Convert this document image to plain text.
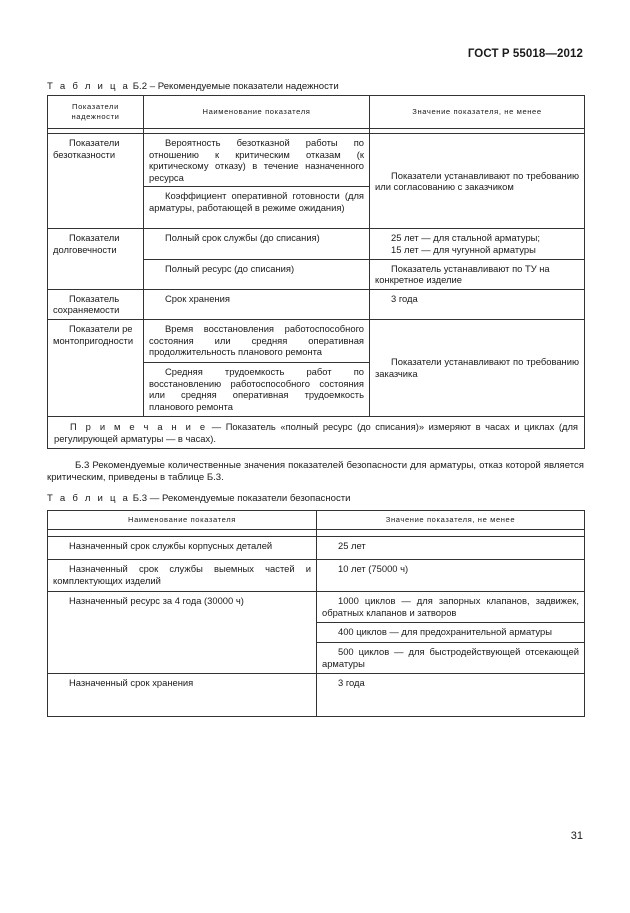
ГОСТ Р 55018—2012
Т а б л и ц а Б.2 – Рекомендуемые показатели надежности
Показатели надежности	Наименование показателя	Значение показателя, не менее

Показатели безотказности	Вероятность безотказной работы по отношению к критическим отказам (к критическому отказу) в течение назначенного ресурса	Показатели устанавливают по требованию или согласованию с заказчиком
	Коэффициент оперативной готовности (для арматуры, работающей в режиме ожидания)	
Показатели долговечности	Полный срок службы (до списания)	25 лет — для стальной арматуры;
15 лет — для чугунной арматуры

	Полный ресурс (до списания)	Показатель устанавливают по ТУ на конкретное изделие
Показатель сохраняемости	Срок хранения	3 года
Показатели ремонтопригодности	Время восстановления работоспособного состояния или средняя оперативная продолжительность планового ремонта	Показатели устанавливают по требованию заказчика
	Средняя трудоемкость работ по восстановлению работоспособного состояния или средняя оперативная трудоемкость планового ремонта	
П р и м е ч а н и е — Показатель «полный ресурс (до списания)» измеряют в часах и циклах (для регулирующей арматуры — в часах).		
Б.3 Рекомендуемые количественные значения показателей безопасности для арматуры, отказ которой является критическим, приведены в таблице Б.3.
Т а б л и ц а Б.3 — Рекомендуемые показатели безопасности
Наименование показателя	Значение показателя, не менее

Назначенный срок службы корпусных деталей	25 лет
Назначенный срок службы выемных частей и комплектующих изделий	10 лет (75000 ч)
Назначенный ресурс за 4 года (30000 ч)	1000 циклов — для запорных клапанов, задвижек, обратных клапанов и затворов
	400 циклов — для предохранительной арматуры
	500 циклов — для быстродействующей отсекающей арматуры
Назначенный срок хранения	3 года
31
